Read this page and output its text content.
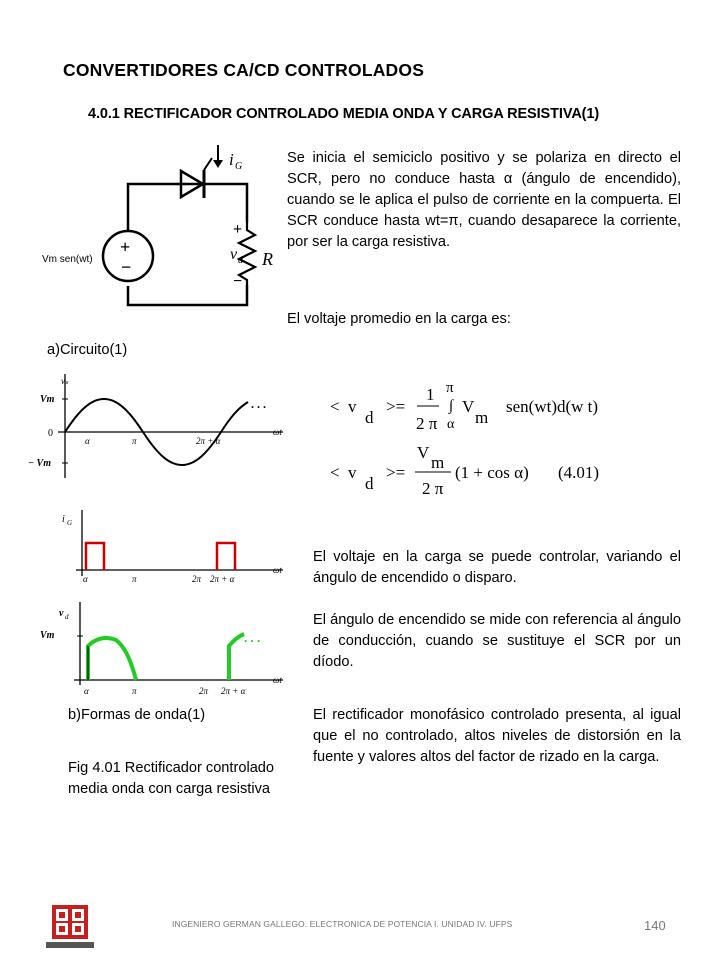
CONVERTIDORES CA/CD CONTROLADOS
4.0.1 RECTIFICADOR CONTROLADO MEDIA ONDA Y CARGA RESISTIVA(1)
i G
+
−
Vm sen(wt)	R
+
v d
−
vₛ
Vm
0
− Vm
. . .
α	π	2π + α
ωt
i G
α	π	2π 2π + α
ωt
v d
Vm	. . .
α	π	2π 2π + α
ωt
< v
d
>=
1
2 π
π
∫
α
V
m
sen(wt)d(w t)
< v
d
>=
V
m
2 π
(1 + cos α) (4.01)
Se inicia el semiciclo positivo y se polariza en directo el SCR, pero no conduce hasta α (ángulo de encendido), cuando se le aplica el pulso de corriente en la compuerta. El SCR conduce hasta wt=π, cuando desaparece la corriente, por ser la carga resistiva.
El voltaje promedio en la carga es:
El voltaje en la carga se puede controlar, variando el ángulo de encendido o disparo.
El ángulo de encendido se mide con referencia al ángulo de conducción, cuando se sustituye el SCR por un díodo.
El rectificador monofásico controlado presenta, al igual que el no controlado, altos niveles de distorsión en la fuente y valores altos del factor de rizado en la carga.
a)Circuito(1)
b)Formas de onda(1)
Fig 4.01 Rectificador controlado media onda con carga resistiva
INGENIERO GERMAN GALLEGO. ELECTRONICA DE POTENCIA I. UNIDAD IV. UFPS	140
